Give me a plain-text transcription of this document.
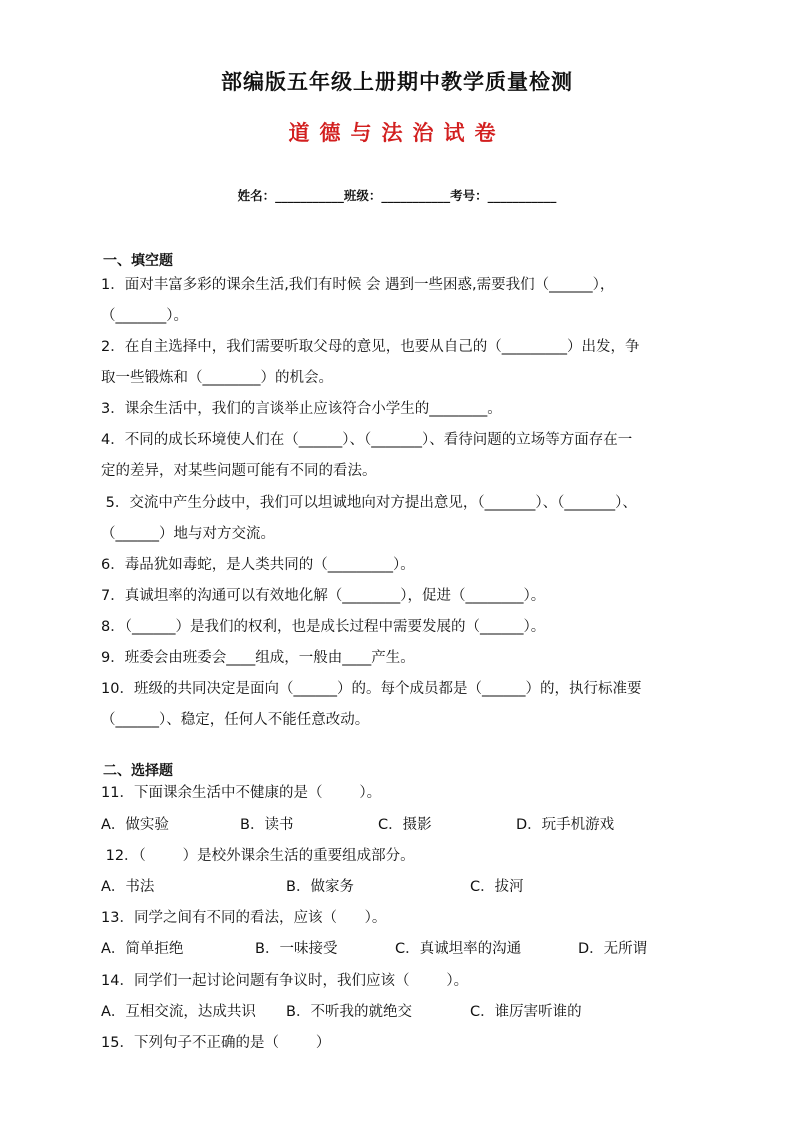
部编版五年级上册期中教学质量检测
道德与法治试卷
姓名：___________班级：___________考号：___________
一、填空题
1．面对丰富多彩的课余生活,我们有时候 会 遇到一些困惑,需要我们（______），
（_______）。
2．在自主选择中，我们需要听取父母的意见，也要从自己的（_________）出发，争
取一些锻炼和（________）的机会。
3．课余生活中，我们的言谈举止应该符合小学生的________。
4．不同的成长环境使人们在（______）、（_______）、看待问题的立场等方面存在一
定的差异，对某些问题可能有不同的看法。
5．交流中产生分歧中，我们可以坦诚地向对方提出意见，（_______）、（_______）、
（______）地与对方交流。
6．毒品犹如毒蛇，是人类共同的（_________）。
7．真诚坦率的沟通可以有效地化解（________），促进（________）。
8．（______）是我们的权利，也是成长过程中需要发展的（______）。
9．班委会由班委会____组成，一般由____产生。
10．班级的共同决定是面向（______）的。每个成员都是（______）的，执行标准要
（______）、稳定，任何人不能任意改动。
二、选择题
11．下面课余生活中不健康的是（        ）。
A．做实验	B．读书	C．摄影	D．玩手机游戏
12．（        ）是校外课余生活的重要组成部分。
A．书法	B．做家务	C．拔河
13．同学之间有不同的看法，应该（      ）。
A．简单拒绝	B．一味接受	C．真诚坦率的沟通	D．无所谓
14．同学们一起讨论问题有争议时，我们应该（        ）。
A．互相交流，达成共识 B．不听我的就绝交	C．谁厉害听谁的
15．下列句子不正确的是（        ）
